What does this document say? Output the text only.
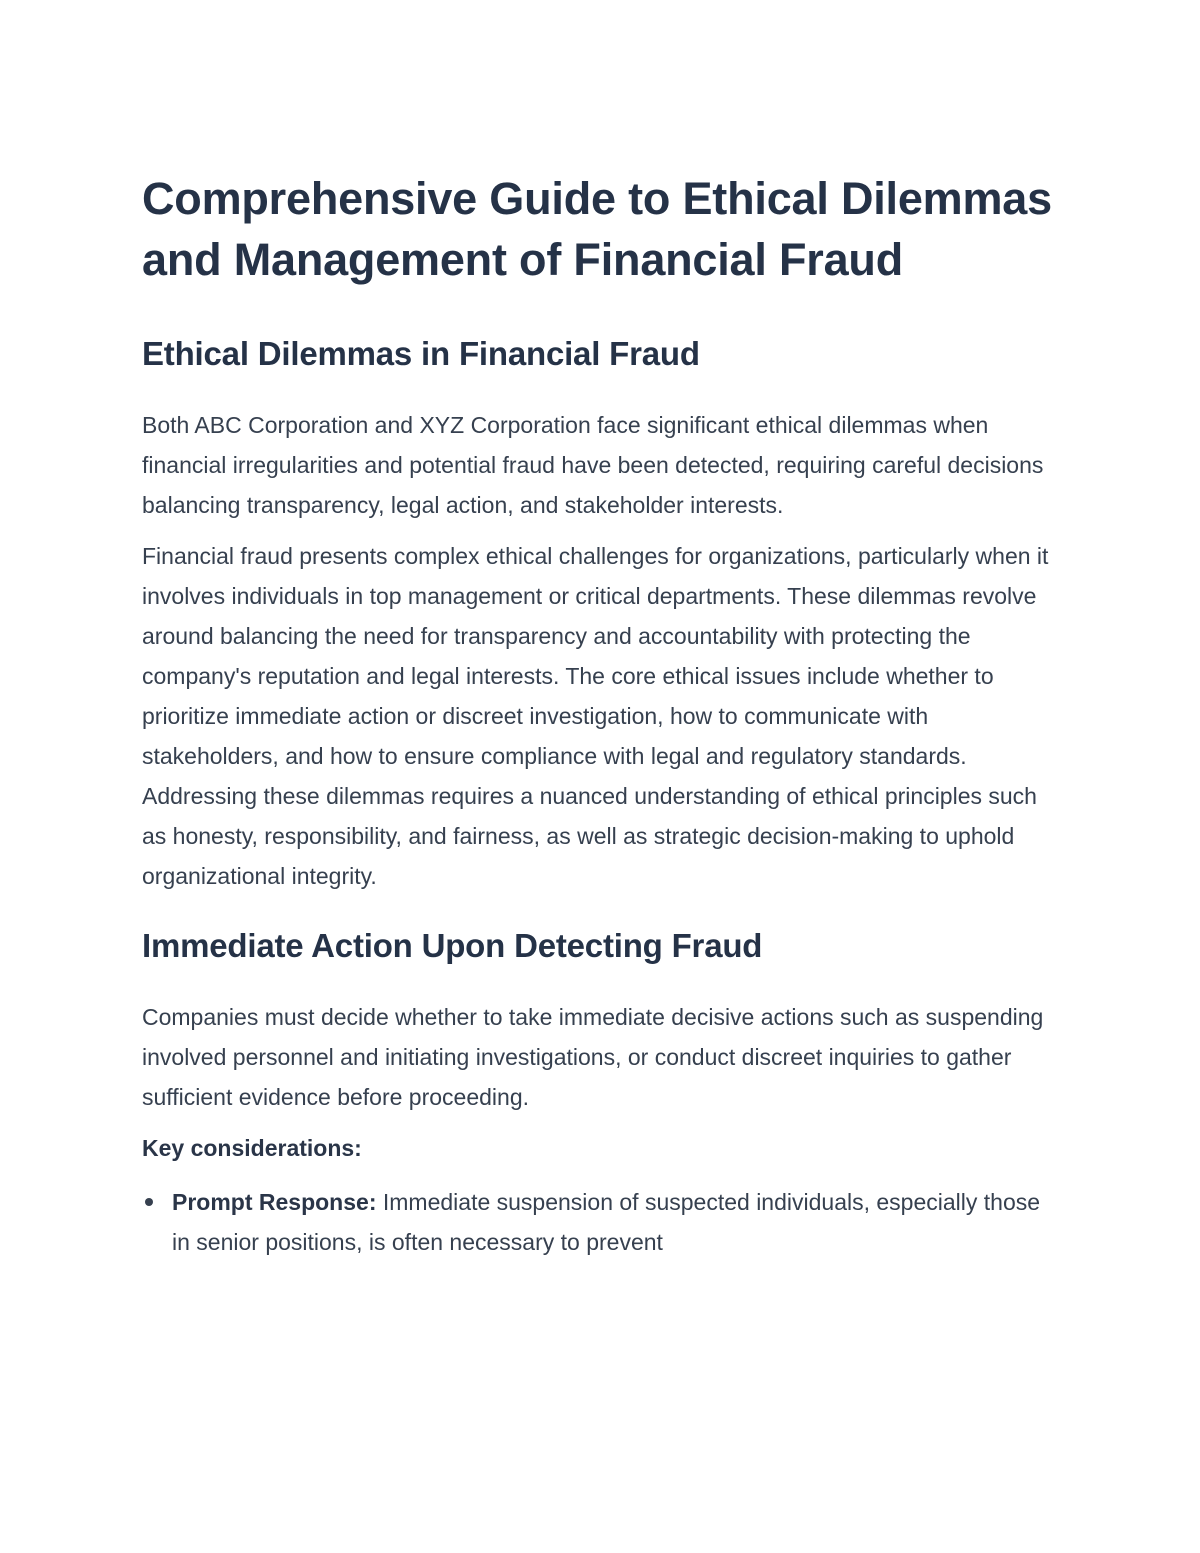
Comprehensive Guide to Ethical Dilemmas and Management of Financial Fraud
Ethical Dilemmas in Financial Fraud

Both ABC Corporation and XYZ Corporation face significant ethical dilemmas when financial irregularities and potential fraud have been detected, requiring careful decisions balancing transparency, legal action, and stakeholder interests.

Financial fraud presents complex ethical challenges for organizations, particularly when it involves individuals in top management or critical departments. These dilemmas revolve around balancing the need for transparency and accountability with protecting the company's reputation and legal interests. The core ethical issues include whether to prioritize immediate action or discreet investigation, how to communicate with stakeholders, and how to ensure compliance with legal and regulatory standards. Addressing these dilemmas requires a nuanced understanding of ethical principles such as honesty, responsibility, and fairness, as well as strategic decision-making to uphold organizational integrity.

Immediate Action Upon Detecting Fraud

Companies must decide whether to take immediate decisive actions such as suspending involved personnel and initiating investigations, or conduct discreet inquiries to gather sufficient evidence before proceeding.

Key considerations:

Prompt Response: Immediate suspension of suspected individuals, especially those in senior positions, is often necessary to prevent
